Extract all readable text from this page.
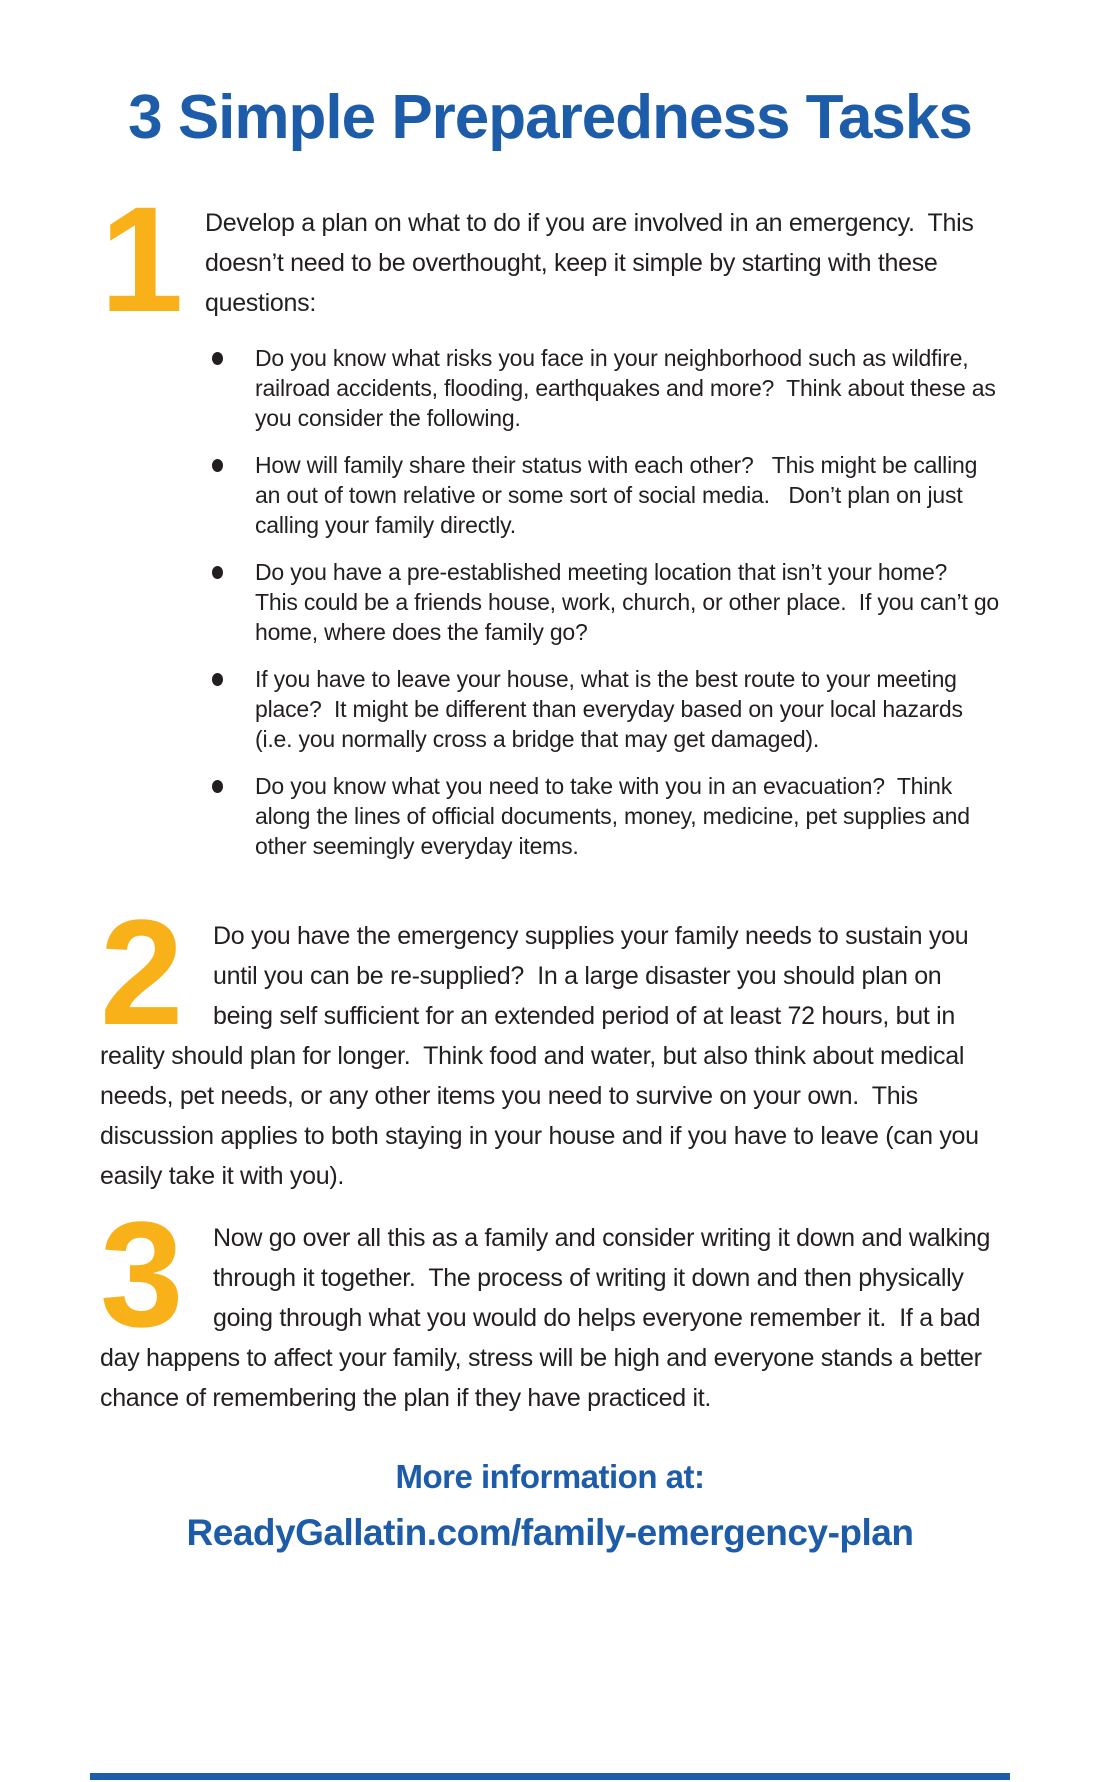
3 Simple Preparedness Tasks
1 Develop a plan on what to do if you are involved in an emergency.  This doesn’t need to be overthought, keep it simple by starting with these questions:

Do you know what risks you face in your neighborhood such as wildfire, railroad accidents, flooding, earthquakes and more?  Think about these as you consider the following.
How will family share their status with each other?   This might be calling an out of town relative or some sort of social media.   Don’t plan on just calling your family directly.
Do you have a pre-established meeting location that isn’t your home?  This could be a friends house, work, church, or other place.  If you can’t go home, where does the family go?
If you have to leave your house, what is the best route to your meeting place?  It might be different than everyday based on your local hazards (i.e. you normally cross a bridge that may get damaged).
Do you know what you need to take with you in an evacuation?  Think along the lines of official documents, money, medicine, pet supplies and other seemingly everyday items.
2	Do you have the emergency supplies your family needs to sustain you until you can be re-supplied?  In a large disaster you should plan on being self sufficient for an extended period of at least 72 hours, but in reality should plan for longer.  Think food and water, but also think about medical needs, pet needs, or any other items you need to survive on your own.  This discussion applies to both staying in your house and if you have to leave (can you easily take it with you).

3	Now go over all this as a family and consider writing it down and walking through it together.  The process of writing it down and then physically going through what you would do helps everyone remember it.  If a bad day happens to affect your family, stress will be high and everyone stands a better chance of remembering the plan if they have practiced it.

More information at:

ReadyGallatin.com/family-emergency-plan
